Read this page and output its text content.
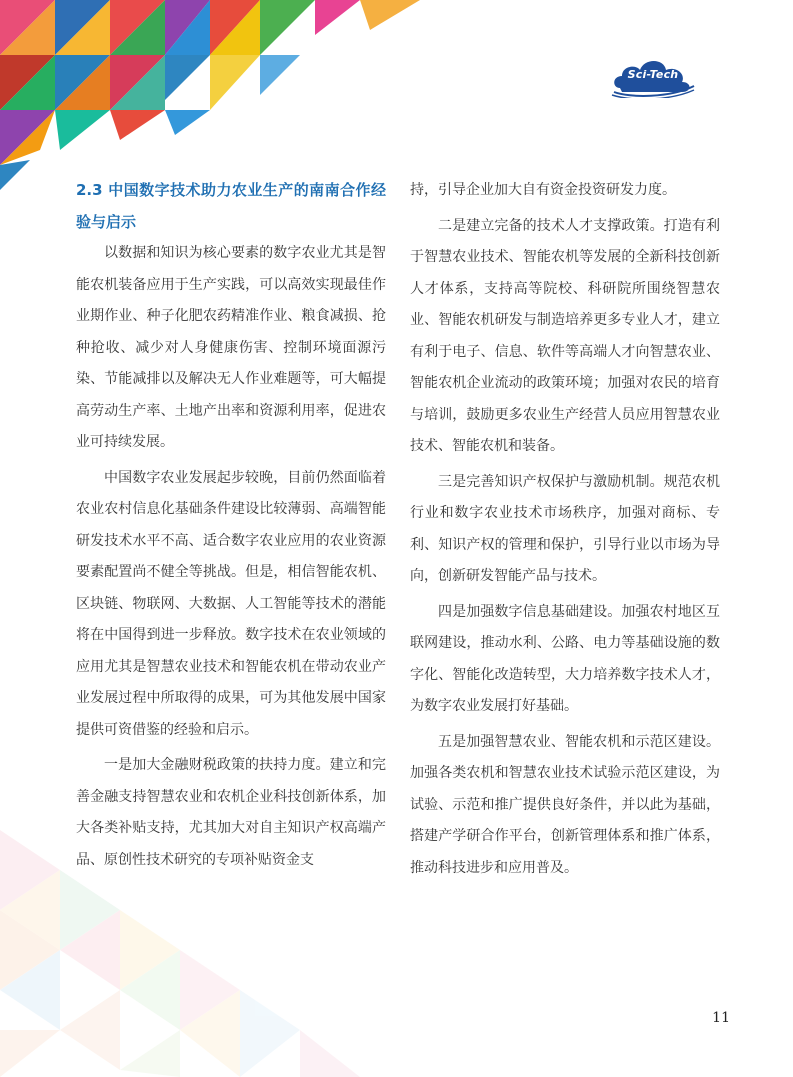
Sci-Tech
2.3 中国数字技术助力农业生产的南南合作经验与启示

以数据和知识为核心要素的数字农业尤其是智能农机装备应用于生产实践，可以高效实现最佳作业期作业、种子化肥农药精准作业、粮食减损、抢种抢收、减少对人身健康伤害、控制环境面源污染、节能减排以及解决无人作业难题等，可大幅提高劳动生产率、土地产出率和资源利用率，促进农业可持续发展。

中国数字农业发展起步较晚，目前仍然面临着农业农村信息化基础条件建设比较薄弱、高端智能研发技术水平不高、适合数字农业应用的农业资源要素配置尚不健全等挑战。但是，相信智能农机、区块链、物联网、大数据、人工智能等技术的潜能将在中国得到进一步释放。数字技术在农业领域的应用尤其是智慧农业技术和智能农机在带动农业产业发展过程中所取得的成果，可为其他发展中国家提供可资借鉴的经验和启示。

一是加大金融财税政策的扶持力度。建立和完善金融支持智慧农业和农机企业科技创新体系，加大各类补贴支持，尤其加大对自主知识产权高端产品、原创性技术研究的专项补贴资金支

持，引导企业加大自有资金投资研发力度。

二是建立完备的技术人才支撑政策。打造有利于智慧农业技术、智能农机等发展的全新科技创新人才体系，支持高等院校、科研院所围绕智慧农业、智能农机研发与制造培养更多专业人才，建立有利于电子、信息、软件等高端人才向智慧农业、智能农机企业流动的政策环境；加强对农民的培育与培训，鼓励更多农业生产经营人员应用智慧农业技术、智能农机和装备。

三是完善知识产权保护与激励机制。规范农机行业和数字农业技术市场秩序，加强对商标、专利、知识产权的管理和保护，引导行业以市场为导向，创新研发智能产品与技术。

四是加强数字信息基础建设。加强农村地区互联网建设，推动水利、公路、电力等基础设施的数字化、智能化改造转型，大力培养数字技术人才，为数字农业发展打好基础。

五是加强智慧农业、智能农机和示范区建设。加强各类农机和智慧农业技术试验示范区建设，为试验、示范和推广提供良好条件，并以此为基础，搭建产学研合作平台，创新管理体系和推广体系，推动科技进步和应用普及。

11
